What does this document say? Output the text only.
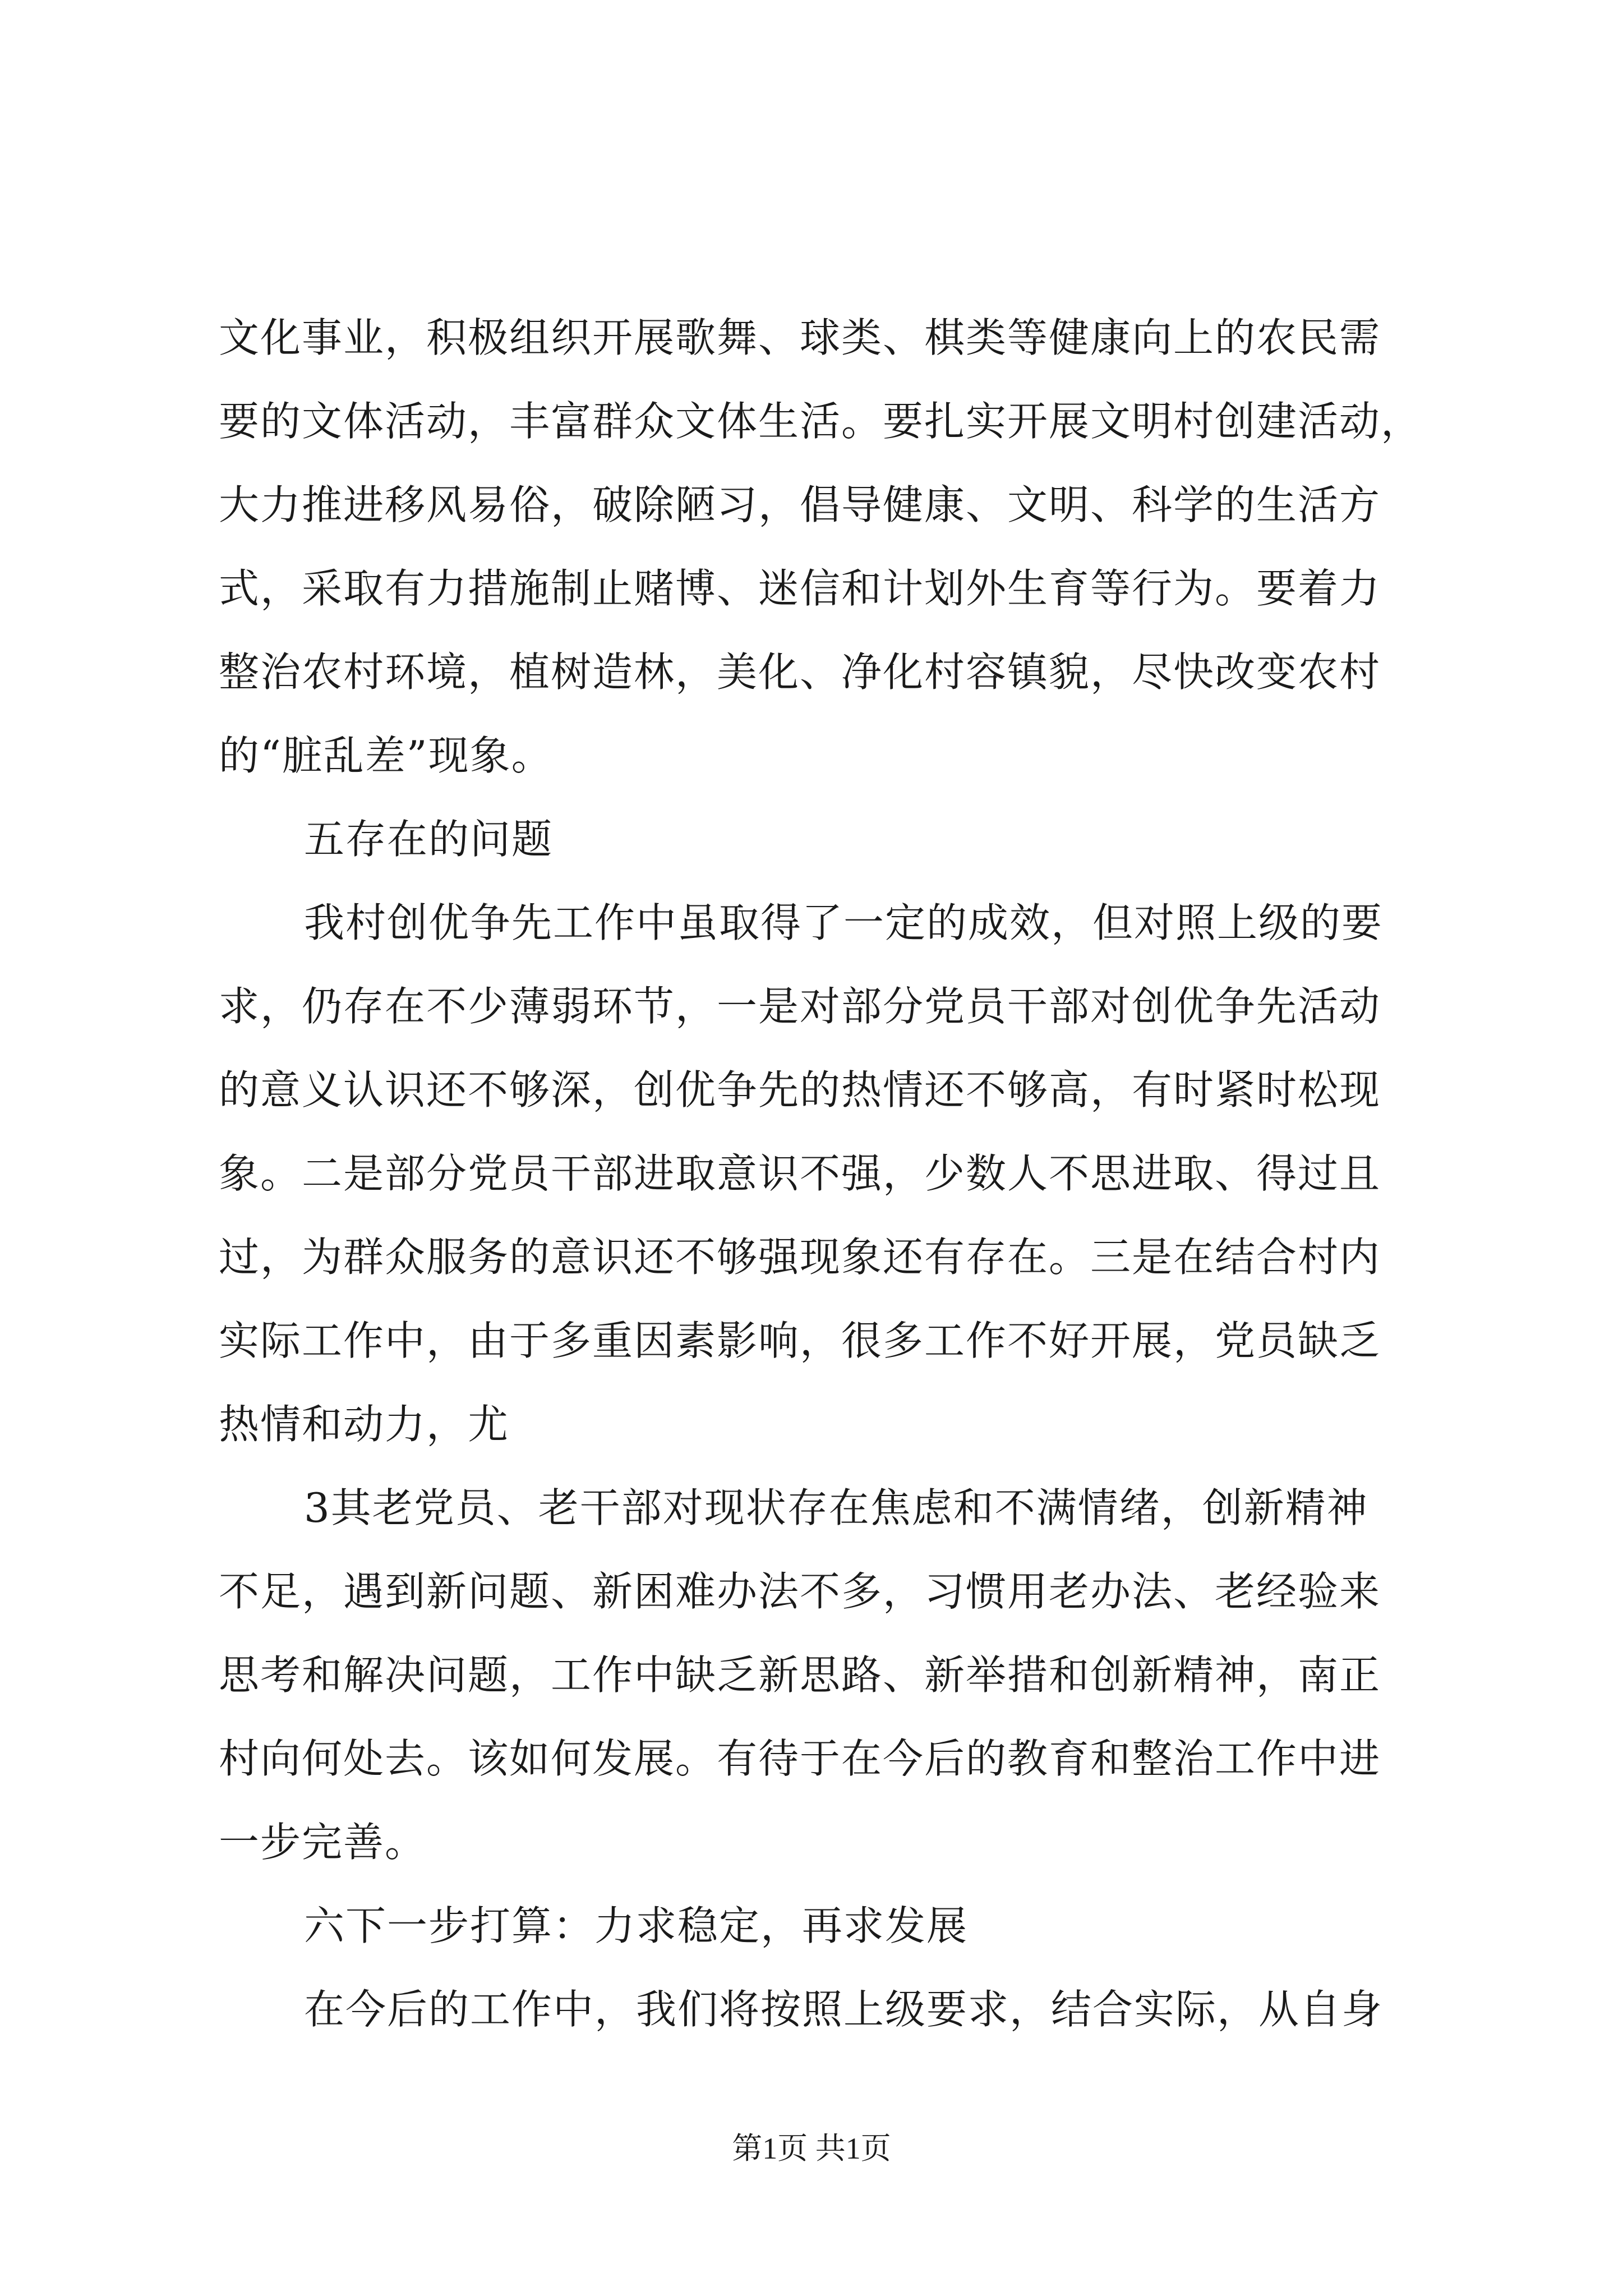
文化事业，积极组织开展歌舞、球类、棋类等健康向上的农民需
要的文体活动，丰富群众文体生活。要扎实开展文明村创建活动，
大力推进移风易俗，破除陋习，倡导健康、文明、科学的生活方
式，采取有力措施制止赌博、迷信和计划外生育等行为。要着力
整治农村环境，植树造林，美化、净化村容镇貌，尽快改变农村
的“脏乱差”现象。
五存在的问题
我村创优争先工作中虽取得了一定的成效，但对照上级的要
求，仍存在不少薄弱环节，一是对部分党员干部对创优争先活动
的意义认识还不够深，创优争先的热情还不够高，有时紧时松现
象。二是部分党员干部进取意识不强，少数人不思进取、得过且
过，为群众服务的意识还不够强现象还有存在。三是在结合村内
实际工作中，由于多重因素影响，很多工作不好开展，党员缺乏
热情和动力，尤
3其老党员、老干部对现状存在焦虑和不满情绪，创新精神
不足，遇到新问题、新困难办法不多，习惯用老办法、老经验来
思考和解决问题，工作中缺乏新思路、新举措和创新精神，南正
村向何处去。该如何发展。有待于在今后的教育和整治工作中进
一步完善。
六下一步打算：力求稳定，再求发展
在今后的工作中，我们将按照上级要求，结合实际，从自身
第1页 共1页
